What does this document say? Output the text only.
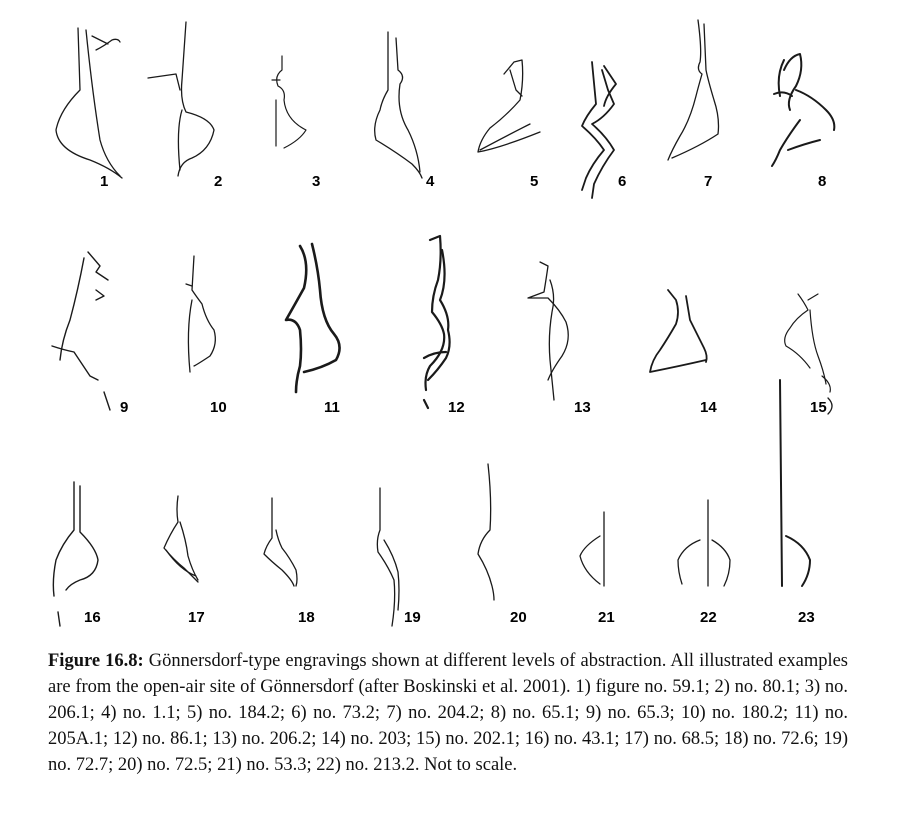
1	2	3	4	5	6	7	8
9	10	11	12	13	14	15
16	17	18	19	20	21	22	23
Figure 16.8: Gönnersdorf-type engravings shown at different levels of abstraction. All illustrated examples are from the open-air site of Gönnersdorf (after Boskinski et al. 2001). 1) figure no. 59.1; 2) no. 80.1; 3) no. 206.1; 4) no. 1.1; 5) no. 184.2; 6) no. 73.2; 7) no. 204.2; 8) no. 65.1; 9) no. 65.3; 10) no. 180.2; 11) no. 205A.1; 12) no. 86.1; 13) no. 206.2; 14) no. 203; 15) no. 202.1; 16) no. 43.1; 17) no. 68.5; 18) no. 72.6; 19) no. 72.7; 20) no. 72.5; 21) no. 53.3; 22) no. 213.2. Not to scale.
